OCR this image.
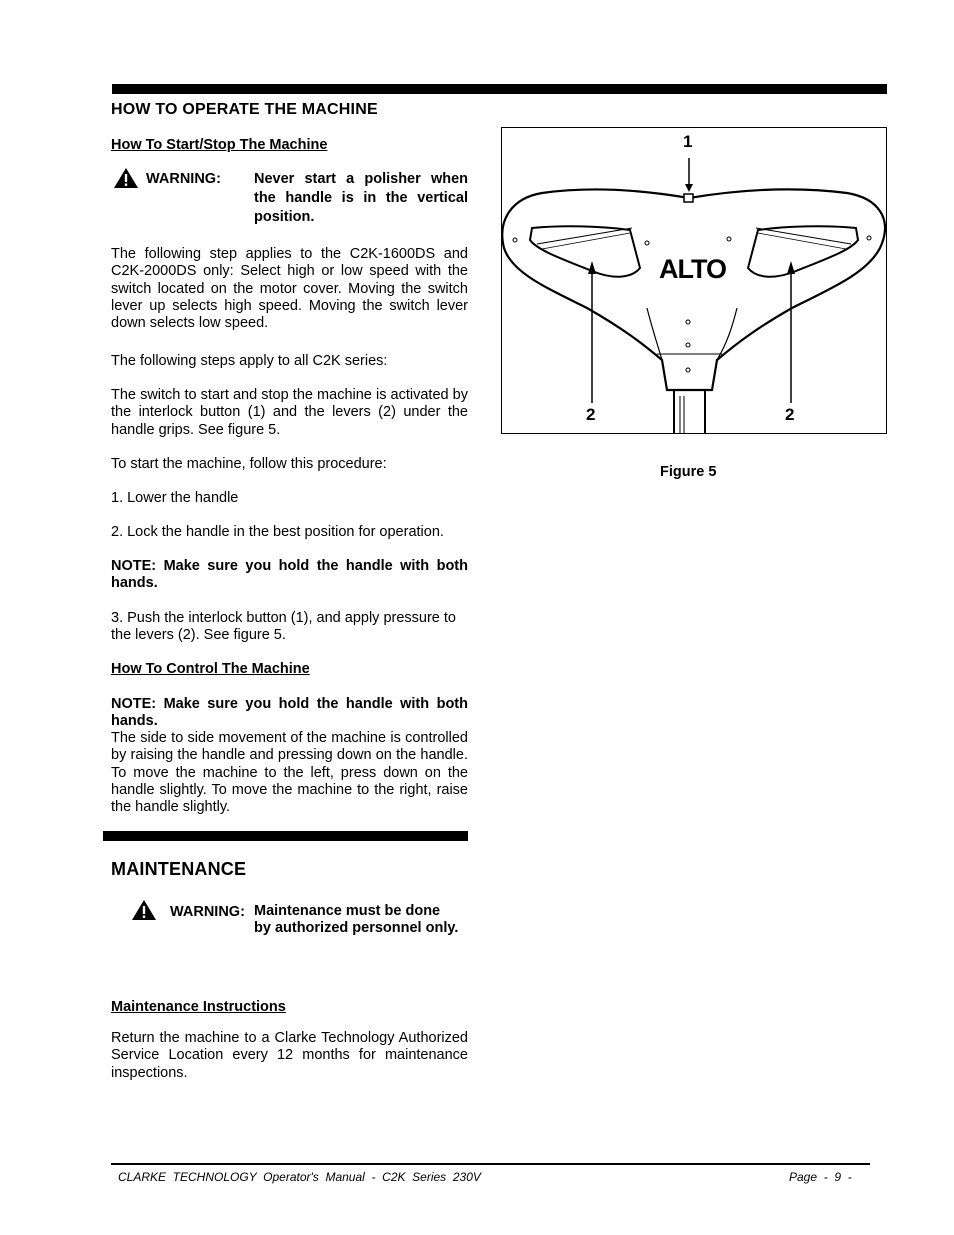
HOW TO OPERATE THE MACHINE
How To Start/Stop The Machine
WARNING: Never start a polisher when the handle is in the vertical position.
The following step applies to the C2K-1600DS and C2K-2000DS only: Select high or low speed with the switch located on the motor cover. Moving the switch lever up selects high speed. Moving the switch lever down selects low speed.
The following steps apply to all C2K series:
The switch to start and stop the machine is activated by the interlock button (1) and the levers (2) under the handle grips. See figure 5.
To start the machine, follow this procedure:
1. Lower the handle
2. Lock the handle in the best position for operation.
NOTE: Make sure you hold the handle with both hands.
3. Push the interlock button (1), and apply pressure to the levers (2). See figure 5.
How To Control The Machine
NOTE: Make sure you hold the handle with both hands.
The side to side movement of the machine is controlled by raising the handle and pressing down on the handle. To move the machine to the left, press down on the handle slightly. To move the machine to the right, raise the handle slightly.
MAINTENANCE
WARNING: Maintenance must be done by authorized personnel only.
Maintenance Instructions
Return the machine to a Clarke Technology Authorized Service Location every 12 months for maintenance inspections.
ALTO
1
2	2
Figure 5
CLARKE  TECHNOLOGY  Operator's  Manual  -  C2K  Series  230V	Page  -  9  -
